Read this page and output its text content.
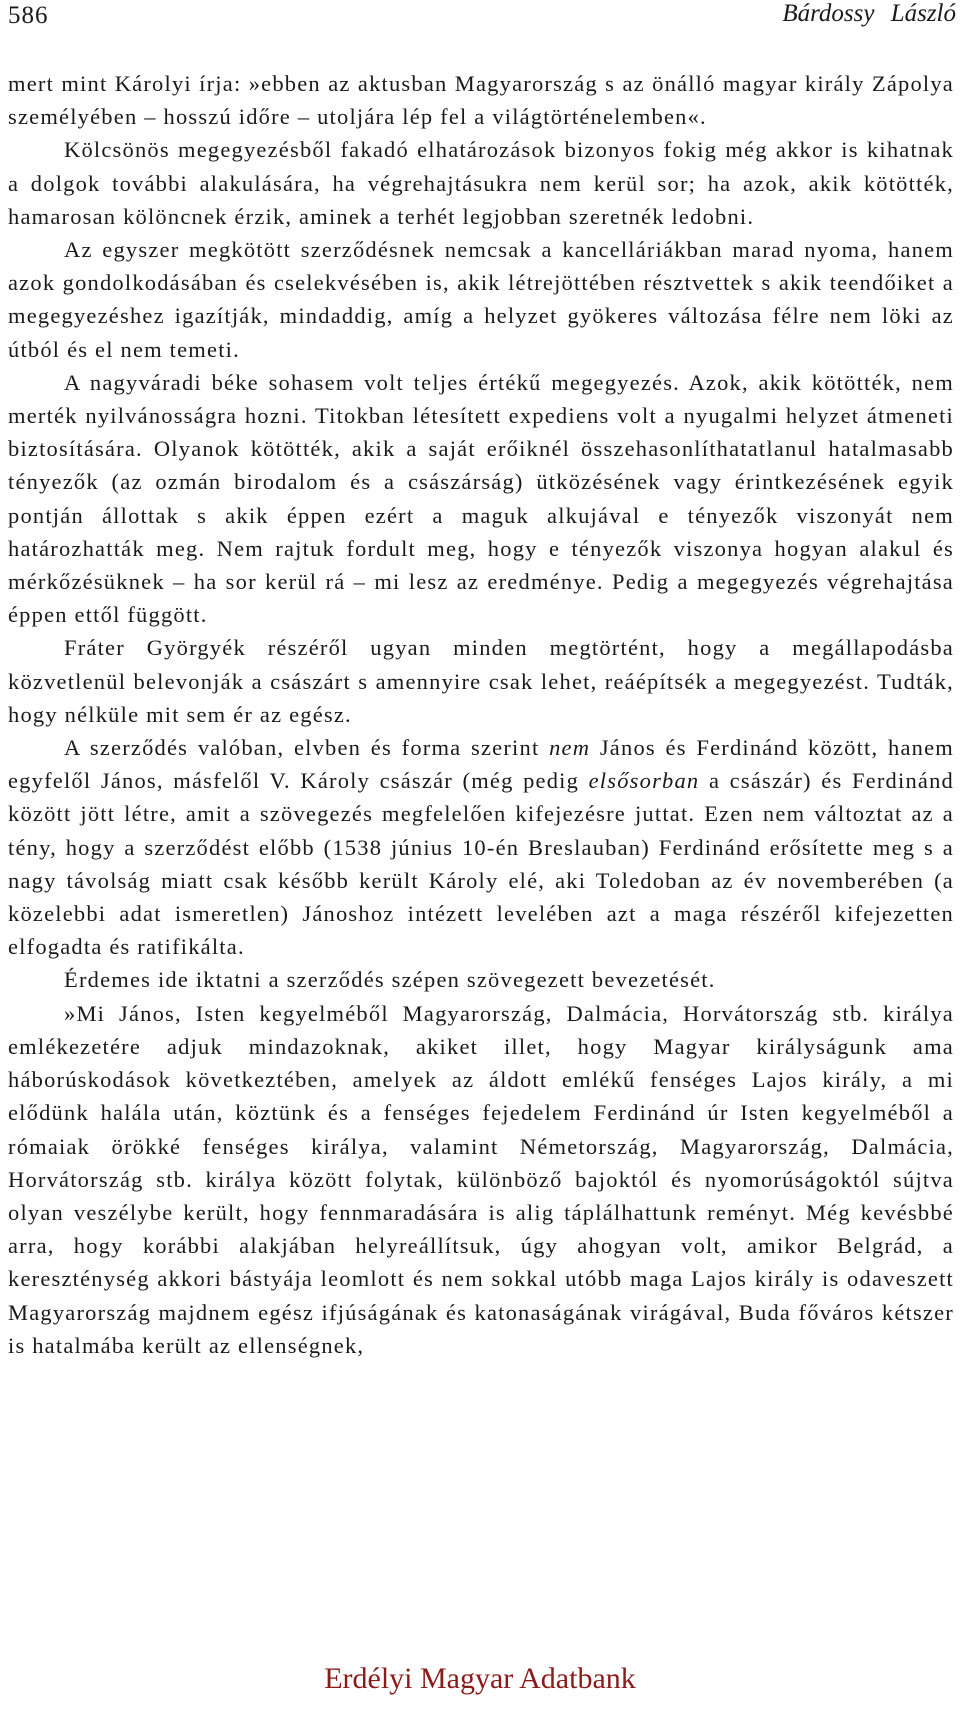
586	Bárdossy László

mert mint Károlyi írja: »ebben az aktusban Magyarország s az önálló magyar király Zápolya személyében – hosszú időre – utoljára lép fel a világtörténelemben«.

Kölcsönös megegyezésből fakadó elhatározások bizonyos fokig még akkor is kihatnak a dolgok további alakulására, ha végrehajtásukra nem kerül sor; ha azok, akik kötötték, hamarosan kölöncnek érzik, aminek a terhét legjobban szeretnék ledobni.

Az egyszer megkötött szerződésnek nemcsak a kancelláriákban marad nyoma, hanem azok gondolkodásában és cselekvésében is, akik létrejöttében résztvettek s akik teendőiket a megegyezéshez igazítják, mindaddig, amíg a helyzet gyökeres változása félre nem löki az útból és el nem temeti.

A nagyváradi béke sohasem volt teljes értékű megegyezés. Azok, akik kötötték, nem merték nyilvánosságra hozni. Titokban létesített expediens volt a nyugalmi helyzet átmeneti biztosítására. Olyanok kötötték, akik a saját erőiknél összehasonlíthatatlanul hatalmasabb tényezők (az ozmán birodalom és a császárság) ütközésének vagy érintkezésének egyik pontján állottak s akik éppen ezért a maguk alkujával e tényezők viszonyát nem határozhatták meg. Nem rajtuk fordult meg, hogy e tényezők viszonya hogyan alakul és mérkőzésüknek – ha sor kerül rá – mi lesz az eredménye. Pedig a megegyezés végrehajtása éppen ettől függött.

Fráter Györgyék részéről ugyan minden megtörtént, hogy a megállapodásba közvetlenül belevonják a császárt s amennyire csak lehet, reáépítsék a megegyezést. Tudták, hogy nélküle mit sem ér az egész.

A szerződés valóban, elvben és forma szerint nem János és Ferdinánd között, hanem egyfelől János, másfelől V. Károly császár (még pedig elsősorban a császár) és Ferdinánd között jött létre, amit a szövegezés megfelelően kifejezésre juttat. Ezen nem változtat az a tény, hogy a szerződést előbb (1538 június 10-én Breslauban) Ferdinánd erősítette meg s a nagy távolság miatt csak később került Károly elé, aki Toledoban az év novemberében (a közelebbi adat ismeretlen) Jánoshoz intézett levelében azt a maga részéről kifejezetten elfogadta és ratifikálta.

Érdemes ide iktatni a szerződés szépen szövegezett bevezetését.

»Mi János, Isten kegyelméből Magyarország, Dalmácia, Horvátország stb. királya emlékezetére adjuk mindazoknak, akiket illet, hogy Magyar királyságunk ama háborúskodások következtében, amelyek az áldott emlékű fenséges Lajos király, a mi elődünk halála után, köztünk és a fenséges fejedelem Ferdinánd úr Isten kegyelméből a rómaiak örökké fenséges királya, valamint Németország, Magyarország, Dalmácia, Horvátország stb. királya között folytak, különböző bajoktól és nyomorúságoktól sújtva olyan veszélybe került, hogy fennmaradására is alig táplálhattunk reményt. Még kevésbbé arra, hogy korábbi alakjában helyreállítsuk, úgy ahogyan volt, amikor Belgrád, a kereszténység akkori bástyája leomlott és nem sokkal utóbb maga Lajos király is odaveszett Magyarország majdnem egész ifjúságának és katonaságának virágával, Buda főváros kétszer is hatalmába került az ellenségnek,

Erdélyi Magyar Adatbank
